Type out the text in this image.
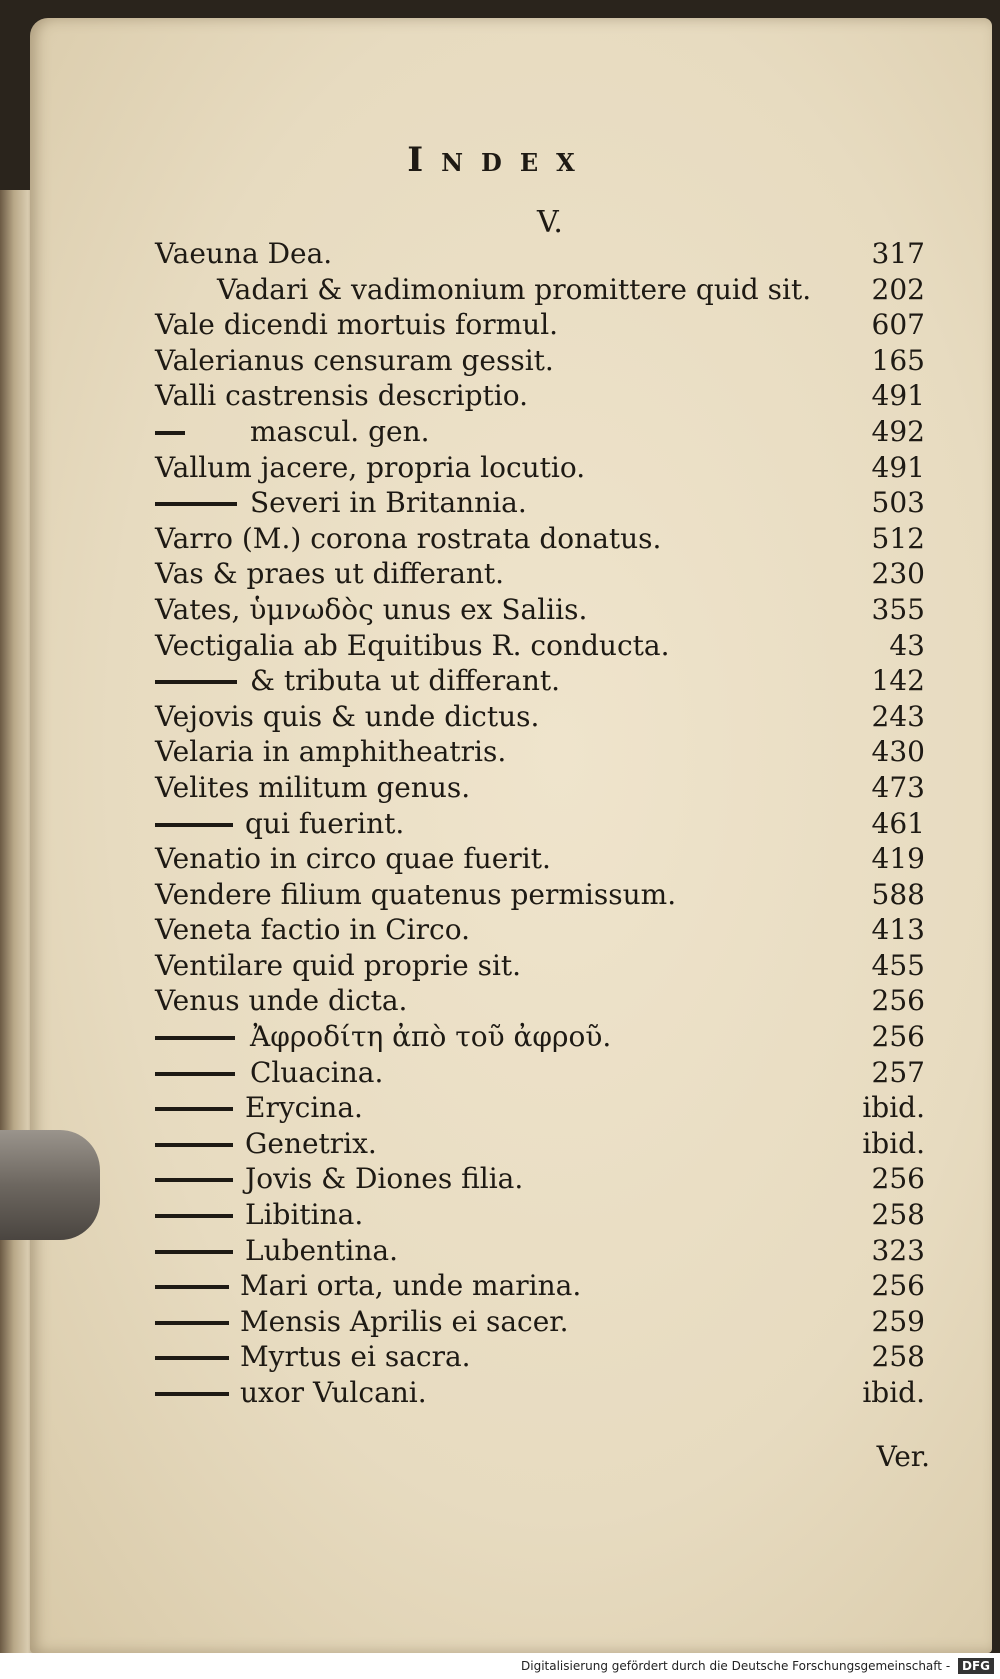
Index
V.
Vaeuna Dea.	317
Vadari & vadimonium promittere quid sit. 202
Vale dicendi mortuis formul.	607
Valerianus censuram gessit.	165
Valli castrensis descriptio.	491
mascul. gen.	492
Vallum jacere, propria locutio.	491
Severi in Britannia.	503
Varro (M.) corona rostrata donatus.	512
Vas & praes ut differant.	230
Vates, ὑμνωδὸς unus ex Saliis.	355
Vectigalia ab Equitibus R. conducta.	43
& tributa ut differant.	142
Vejovis quis & unde dictus.	243
Velaria in amphitheatris.	430
Velites militum genus.	473
qui fuerint.	461
Venatio in circo quae fuerit.	419
Vendere filium quatenus permissum.	588
Veneta factio in Circo.	413
Ventilare quid proprie sit.	455
Venus unde dicta.	256
Ἀφροδίτη ἀπὸ τοῦ ἀφροῦ.	256
Cluacina.	257
Erycina.	ibid.
Genetrix.	ibid.
Jovis & Diones filia.	256
Libitina.	258
Lubentina.	323
Mari orta, unde marina.	256
Mensis Aprilis ei sacer.	259
Myrtus ei sacra.	258
uxor Vulcani.	ibid.
Ver.
Digitalisierung gefördert durch die Deutsche Forschungsgemeinschaft - DFG
